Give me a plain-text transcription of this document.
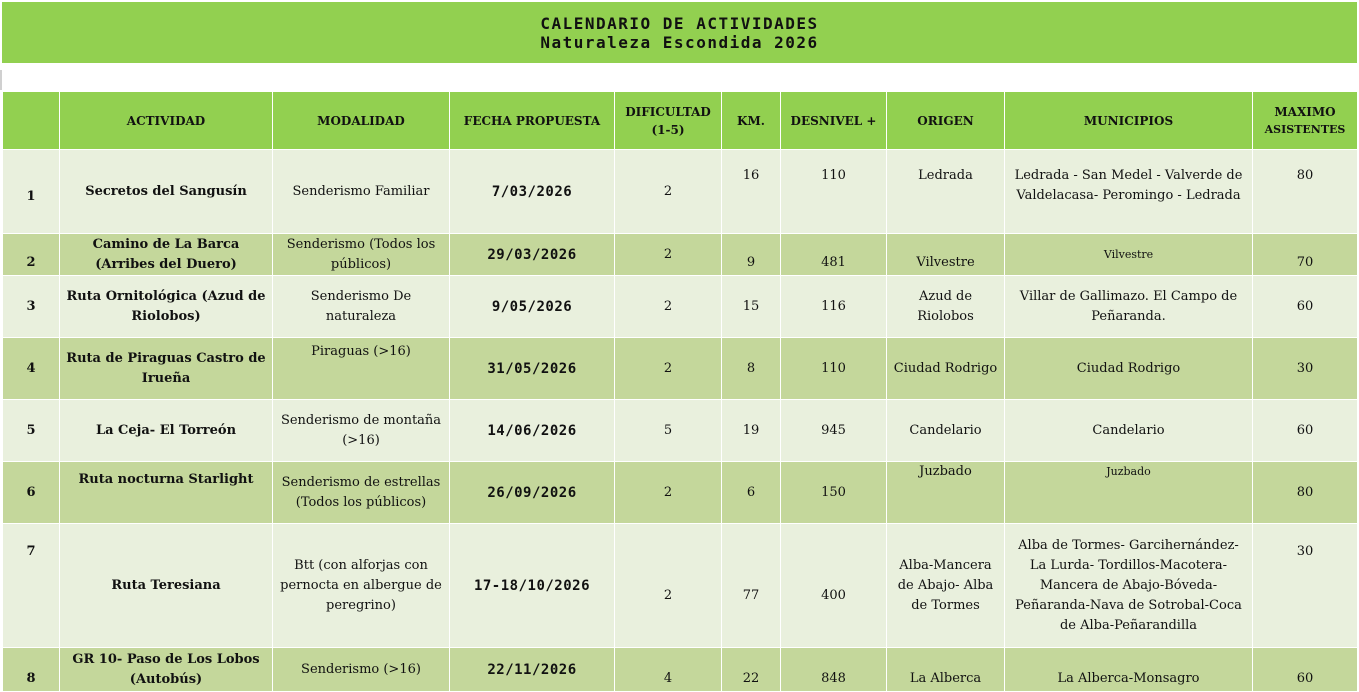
CALENDARIO DE ACTIVIDADES
Naturaleza Escondida 2026
	ACTIVIDAD	MODALIDAD	FECHA PROPUESTA	DIFICULTAD (1-5)	KM.	DESNIVEL +	ORIGEN	MUNICIPIOS	MAXIMO
ASISTENTES

1	Secretos del Sangusín	Senderismo Familiar	7/03/2026	2	16	110	Ledrada	Ledrada - San Medel - Valverde de Valdelacasa- Peromingo - Ledrada	80
2	Camino de La Barca (Arribes del Duero)	Senderismo (Todos los públicos)	29/03/2026	2	9	481	Vilvestre	Vilvestre	70
3	Ruta Ornitológica (Azud de Riolobos)	Senderismo De naturaleza	9/05/2026	2	15	116	Azud de Riolobos	Villar de Gallimazo. El Campo de Peñaranda.	60
4	Ruta de Piraguas Castro de Irueña	Piraguas (>16)	31/05/2026	2	8	110	Ciudad Rodrigo	Ciudad Rodrigo	30
5	La Ceja- El Torreón	Senderismo de montaña (>16)	14/06/2026	5	19	945	Candelario	Candelario	60
6	Ruta nocturna Starlight	Senderismo de estrellas (Todos los públicos)	26/09/2026	2	6	150	Juzbado	Juzbado	80
7	Ruta Teresiana	Btt (con alforjas con pernocta en albergue de peregrino)	17-18/10/2026	2	77	400	Alba-Mancera de Abajo- Alba de Tormes	Alba de Tormes- Garcihernández- La Lurda- Tordillos-Macotera-Mancera de Abajo-Bóveda-Peñaranda-Nava de Sotrobal-Coca de Alba-Peñarandilla	30
8	GR 10- Paso de Los Lobos (Autobús)	Senderismo (>16)	22/11/2026	4	22	848	La Alberca	La Alberca-Monsagro	60
